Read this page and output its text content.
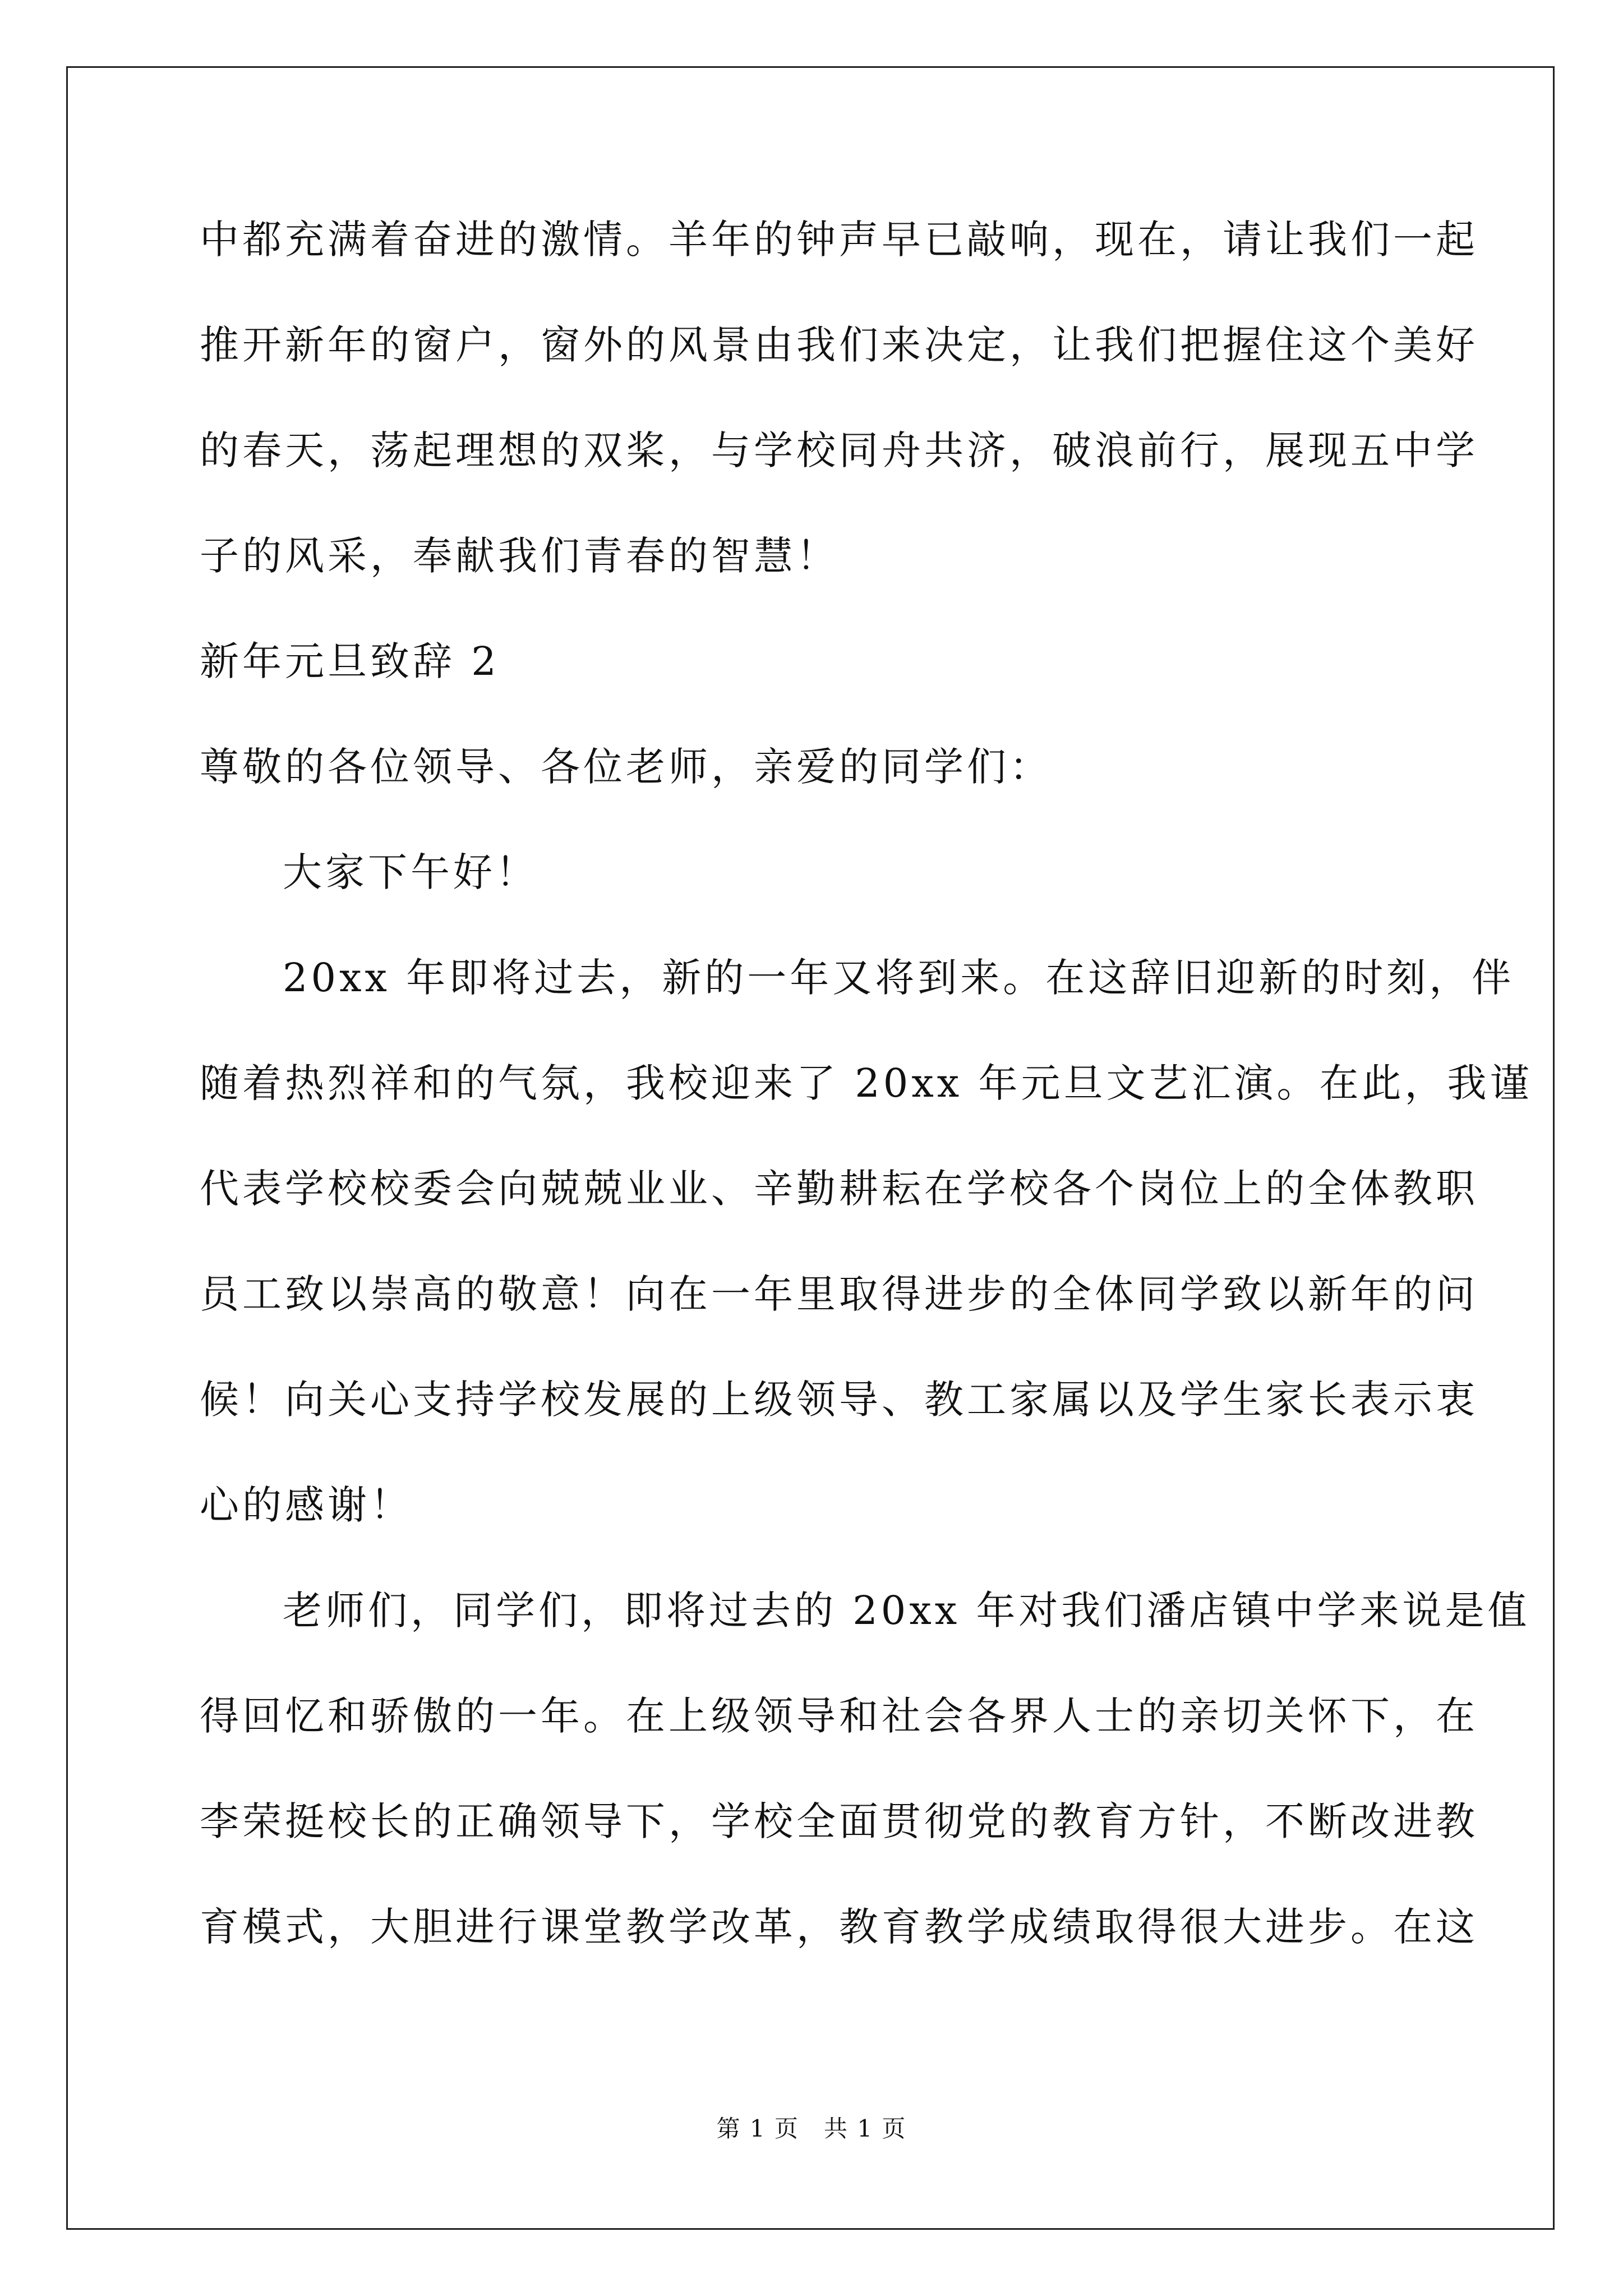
中都充满着奋进的激情。羊年的钟声早已敲响，现在，请让我们一起
推开新年的窗户，窗外的风景由我们来决定，让我们把握住这个美好
的春天，荡起理想的双桨，与学校同舟共济，破浪前行，展现五中学
子的风采，奉献我们青春的智慧！
新年元旦致辞 2
尊敬的各位领导、各位老师，亲爱的同学们：
大家下午好！
20xx 年即将过去，新的一年又将到来。在这辞旧迎新的时刻，伴
随着热烈祥和的气氛，我校迎来了 20xx 年元旦文艺汇演。在此，我谨
代表学校校委会向兢兢业业、辛勤耕耘在学校各个岗位上的全体教职
员工致以崇高的敬意！向在一年里取得进步的全体同学致以新年的问
候！向关心支持学校发展的上级领导、教工家属以及学生家长表示衷
心的感谢！
老师们，同学们，即将过去的 20xx 年对我们潘店镇中学来说是值
得回忆和骄傲的一年。在上级领导和社会各界人士的亲切关怀下，在
李荣挺校长的正确领导下，学校全面贯彻党的教育方针，不断改进教
育模式，大胆进行课堂教学改革，教育教学成绩取得很大进步。在这
第 1 页　共 1 页
